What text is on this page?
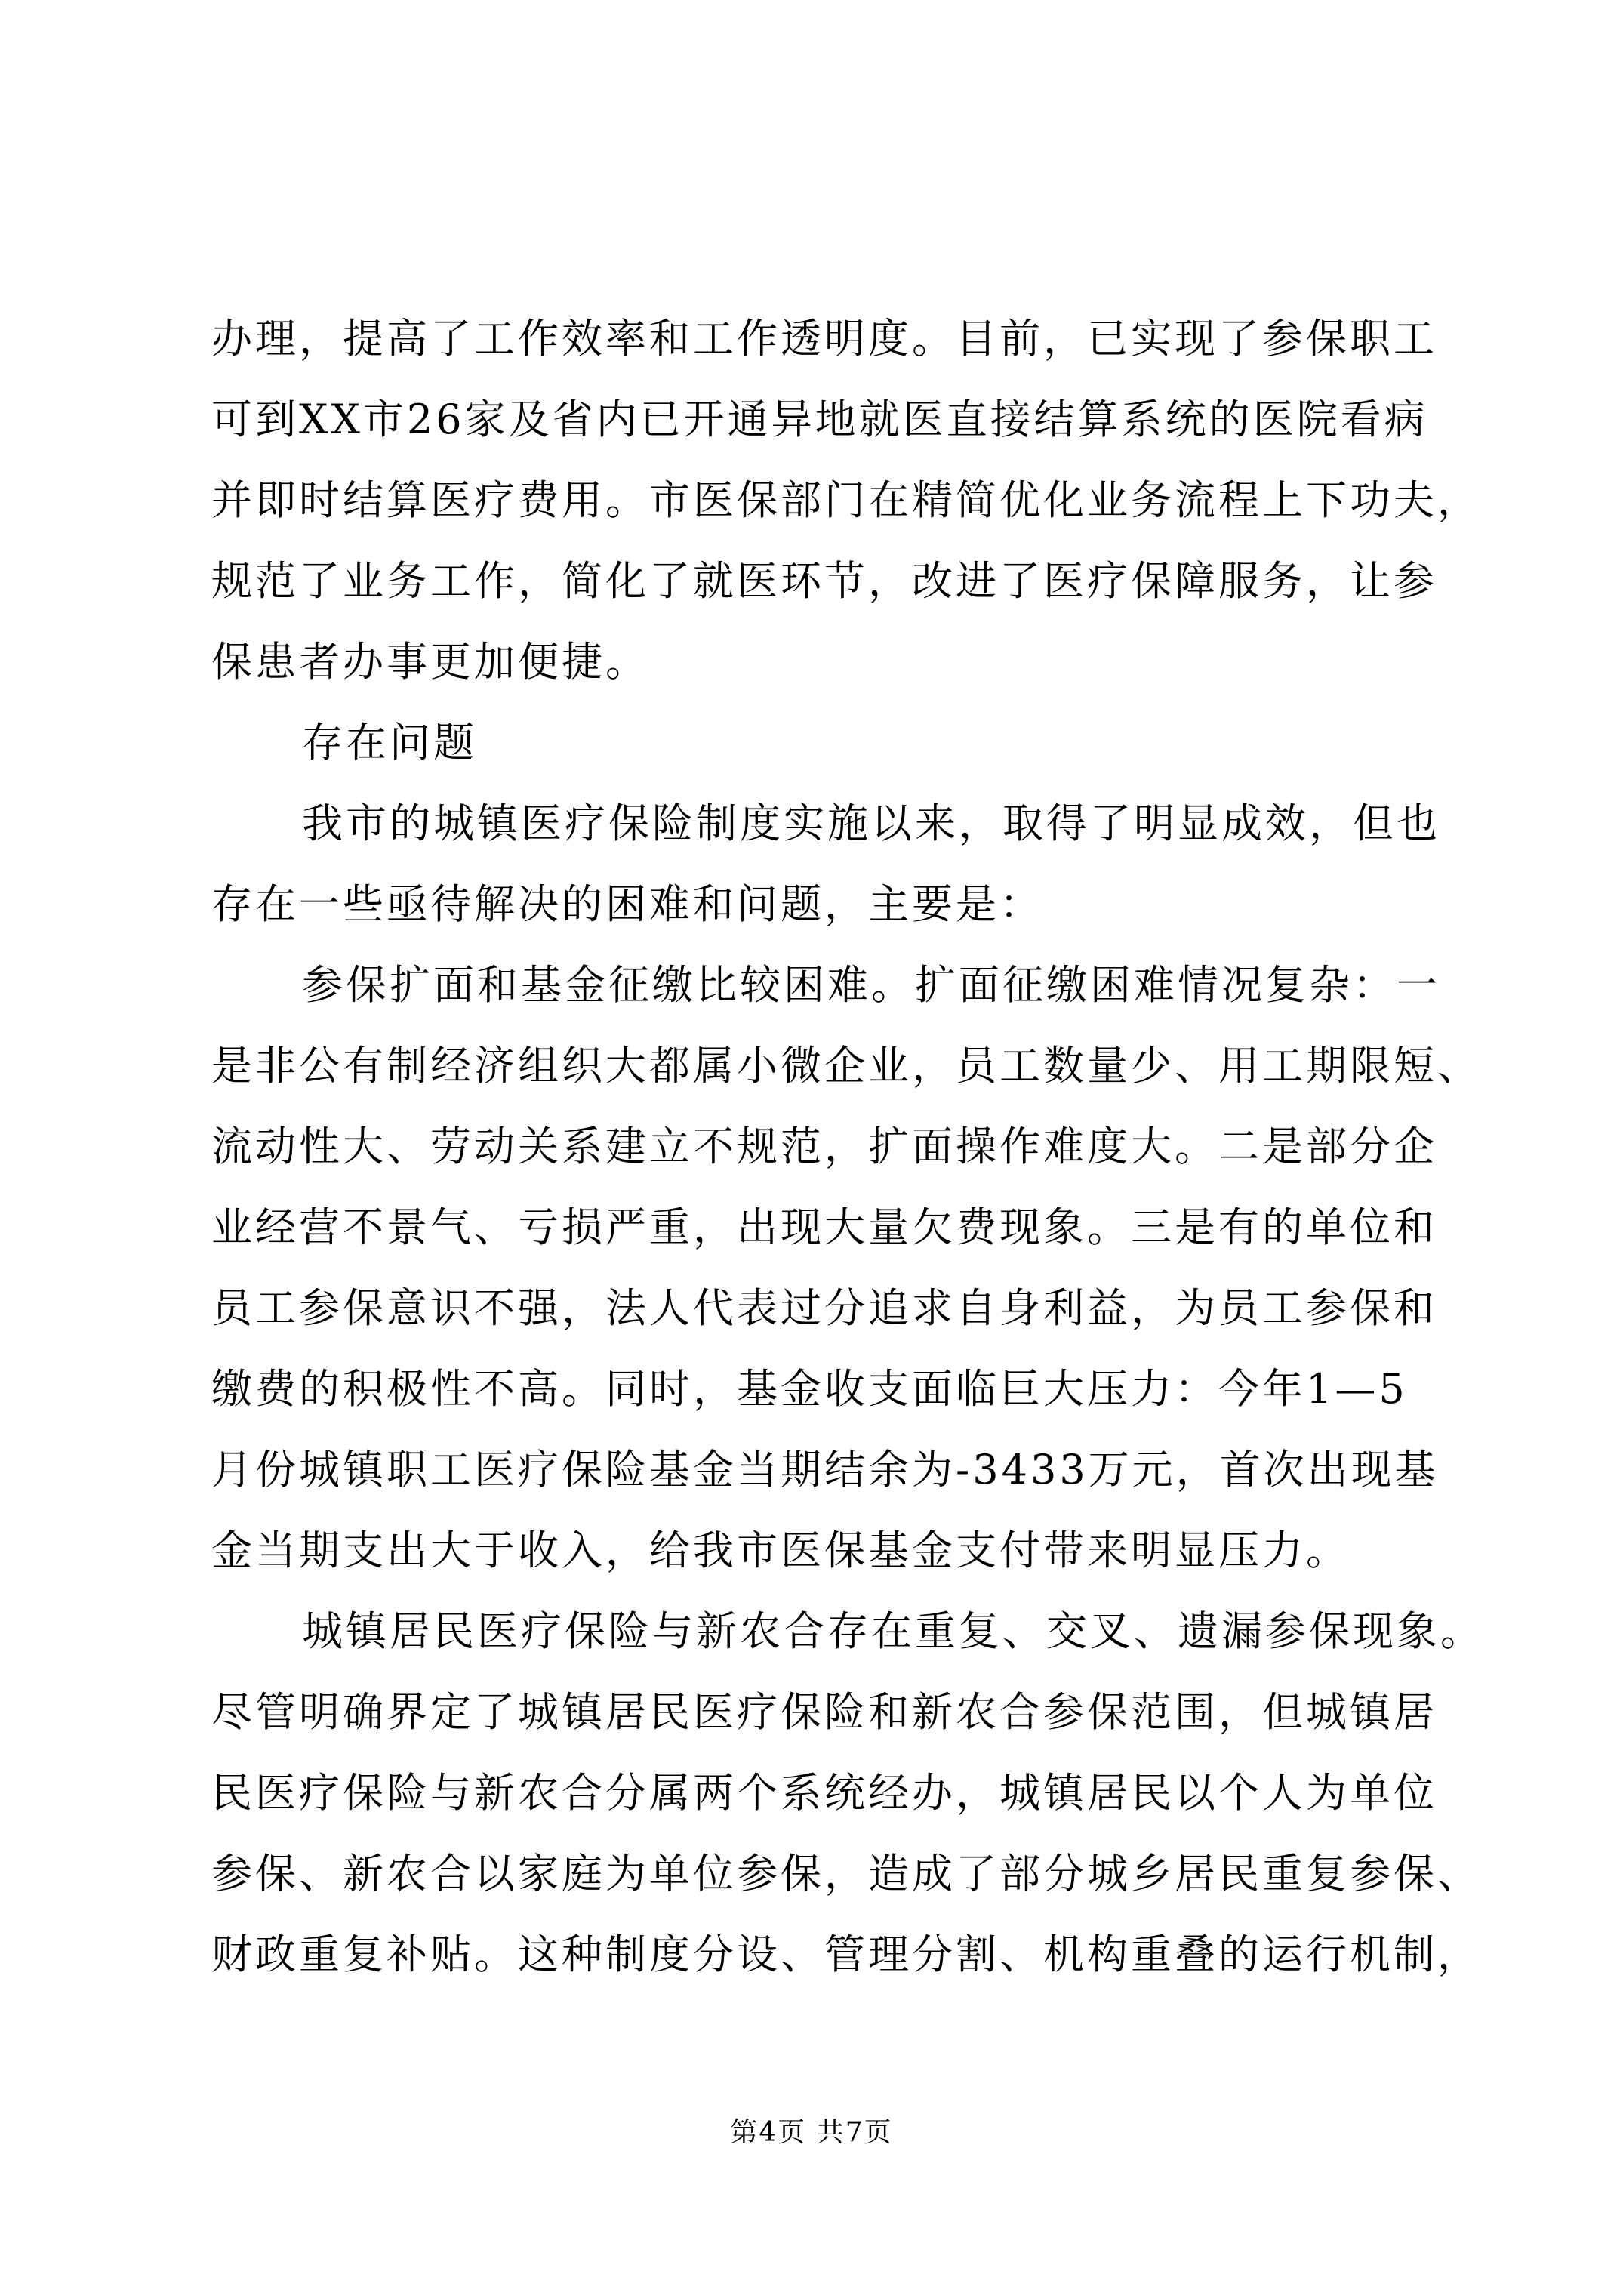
办理，提高了工作效率和工作透明度。目前，已实现了参保职工
可到XX市26家及省内已开通异地就医直接结算系统的医院看病
并即时结算医疗费用。市医保部门在精简优化业务流程上下功夫，
规范了业务工作，简化了就医环节，改进了医疗保障服务，让参
保患者办事更加便捷。
存在问题
我市的城镇医疗保险制度实施以来，取得了明显成效，但也
存在一些亟待解决的困难和问题，主要是：
参保扩面和基金征缴比较困难。扩面征缴困难情况复杂：一
是非公有制经济组织大都属小微企业，员工数量少、用工期限短、
流动性大、劳动关系建立不规范，扩面操作难度大。二是部分企
业经营不景气、亏损严重，出现大量欠费现象。三是有的单位和
员工参保意识不强，法人代表过分追求自身利益，为员工参保和
缴费的积极性不高。同时，基金收支面临巨大压力：今年1—5
月份城镇职工医疗保险基金当期结余为-3433万元，首次出现基
金当期支出大于收入，给我市医保基金支付带来明显压力。
城镇居民医疗保险与新农合存在重复、交叉、遗漏参保现象。
尽管明确界定了城镇居民医疗保险和新农合参保范围，但城镇居
民医疗保险与新农合分属两个系统经办，城镇居民以个人为单位
参保、新农合以家庭为单位参保，造成了部分城乡居民重复参保、
财政重复补贴。这种制度分设、管理分割、机构重叠的运行机制，
第4页 共7页
